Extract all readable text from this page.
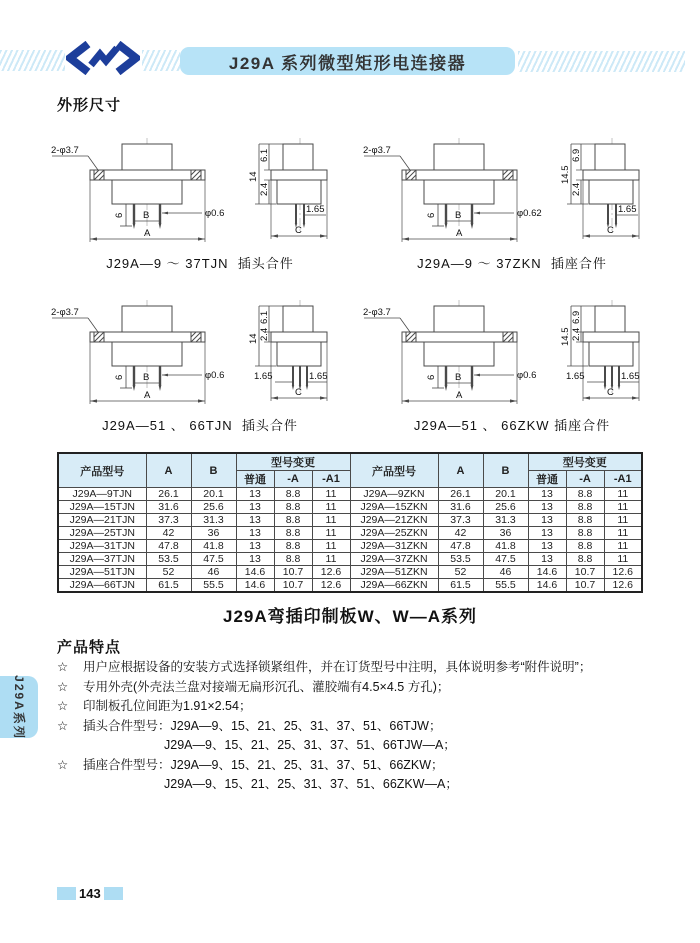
J29A 系列微型矩形电连接器
外形尺寸
2-φ3.7
6 B
A
φ0.6
14
6.1
2.4
1.65
C
J29A—9 ～ 37TJN  插头合件
2-φ3.7
6 B
A
φ0.62
14.5
6.9
2.4
1.65
C
J29A—9 ～ 37ZKN  插座合件
2-φ3.7
6 B
A
φ0.6
14
6.1
2.4
1.65	1.65
C
J29A—51 、 66TJN  插头合件
2-φ3.7
6 B
A
φ0.6
14.5
6.9
2.4
1.65	1.65
C
J29A—51 、 66ZKW 插座合件
产品型号	A	B	型号变更			产品型号	A	B	型号变更		
			普通	-A	-A1				普通	-A	-A1
J29A—9TJN	26.1	20.1	13	8.8	11	J29A—9ZKN	26.1	20.1	13	8.8	11
J29A—15TJN	31.6	25.6	13	8.8	11	J29A—15ZKN	31.6	25.6	13	8.8	11
J29A—21TJN	37.3	31.3	13	8.8	11	J29A—21ZKN	37.3	31.3	13	8.8	11
J29A—25TJN	42	36	13	8.8	11	J29A—25ZKN	42	36	13	8.8	11
J29A—31TJN	47.8	41.8	13	8.8	11	J29A—31ZKN	47.8	41.8	13	8.8	11
J29A—37TJN	53.5	47.5	13	8.8	11	J29A—37ZKN	53.5	47.5	13	8.8	11
J29A—51TJN	52	46	14.6	10.7	12.6	J29A—51ZKN	52	46	14.6	10.7	12.6
J29A—66TJN	61.5	55.5	14.6	10.7	12.6	J29A—66ZKN	61.5	55.5	14.6	10.7	12.6
J29A弯插印制板W、W—A系列
产品特点
☆	用户应根据设备的安装方式选择锁紧组件，并在订货型号中注明，具体说明参考“附件说明”；
☆	专用外壳(外壳法兰盘对接端无扁形沉孔、灌胶端有4.5×4.5 方孔)；
☆	印制板孔位间距为1.91×2.54；
☆	插头合件型号：J29A—9、15、21、25、31、37、51、66TJW；
J29A—9、15、21、25、31、37、51、66TJW—A；
☆	插座合件型号：J29A—9、15、21、25、31、37、51、66ZKW；
J29A—9、15、21、25、31、37、51、66ZKW—A；
J29A系列
143
